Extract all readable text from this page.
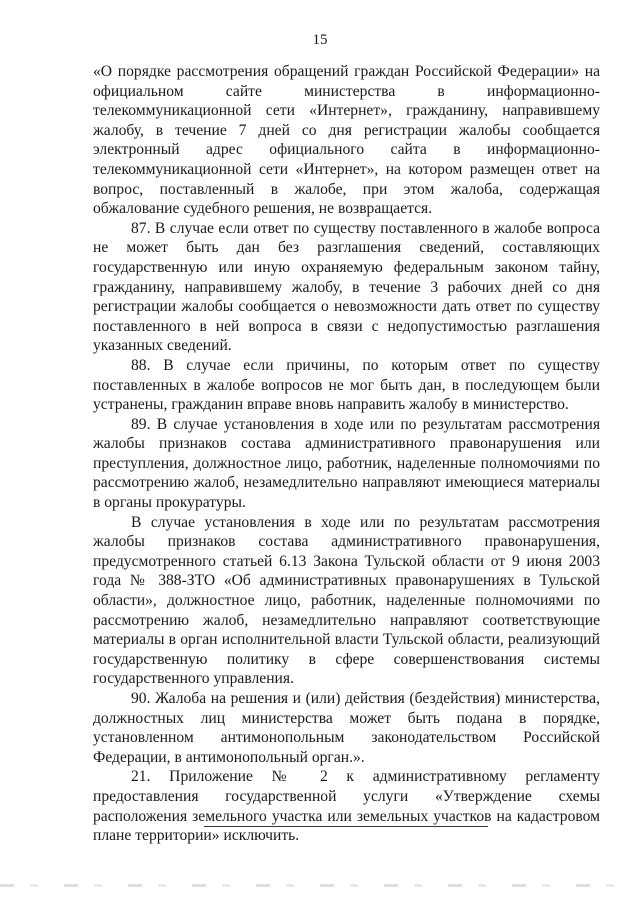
15

«О порядке рассмотрения обращений граждан Российской Федерации» на официальном сайте министерства в информационно-телекоммуникационной сети «Интернет», гражданину, направившему жалобу, в течение 7 дней со дня регистрации жалобы сообщается электронный адрес официального сайта в информационно-телекоммуникационной сети «Интернет», на котором размещен ответ на вопрос, поставленный в жалобе, при этом жалоба, содержащая обжалование судебного решения, не возвращается.

87. В случае если ответ по существу поставленного в жалобе вопроса не может быть дан без разглашения сведений, составляющих государственную или иную охраняемую федеральным законом тайну, гражданину, направившему жалобу, в течение 3 рабочих дней со дня регистрации жалобы сообщается о невозможности дать ответ по существу поставленного в ней вопроса в связи с недопустимостью разглашения указанных сведений.

88. В случае если причины, по которым ответ по существу поставленных в жалобе вопросов не мог быть дан, в последующем были устранены, гражданин вправе вновь направить жалобу в министерство.

89. В случае установления в ходе или по результатам рассмотрения жалобы признаков состава административного правонарушения или преступления, должностное лицо, работник, наделенные полномочиями по рассмотрению жалоб, незамедлительно направляют имеющиеся материалы в органы прокуратуры.

В случае установления в ходе или по результатам рассмотрения жалобы признаков состава административного правонарушения, предусмотренного статьей 6.13 Закона Тульской области от 9 июня 2003 года № 388-ЗТО «Об административных правонарушениях в Тульской области», должностное лицо, работник, наделенные полномочиями по рассмотрению жалоб, незамедлительно направляют соответствующие материалы в орган исполнительной власти Тульской области, реализующий государственную политику в сфере совершенствования системы государственного управления.

90. Жалоба на решения и (или) действия (бездействия) министерства, должностных лиц министерства может быть подана в порядке, установленном антимонопольным законодательством Российской Федерации, в антимонопольный орган.».

21. Приложение № 2 к административному регламенту предоставления государственной услуги «Утверждение схемы расположения земельного участка или земельных участков на кадастровом плане территории» исключить.
